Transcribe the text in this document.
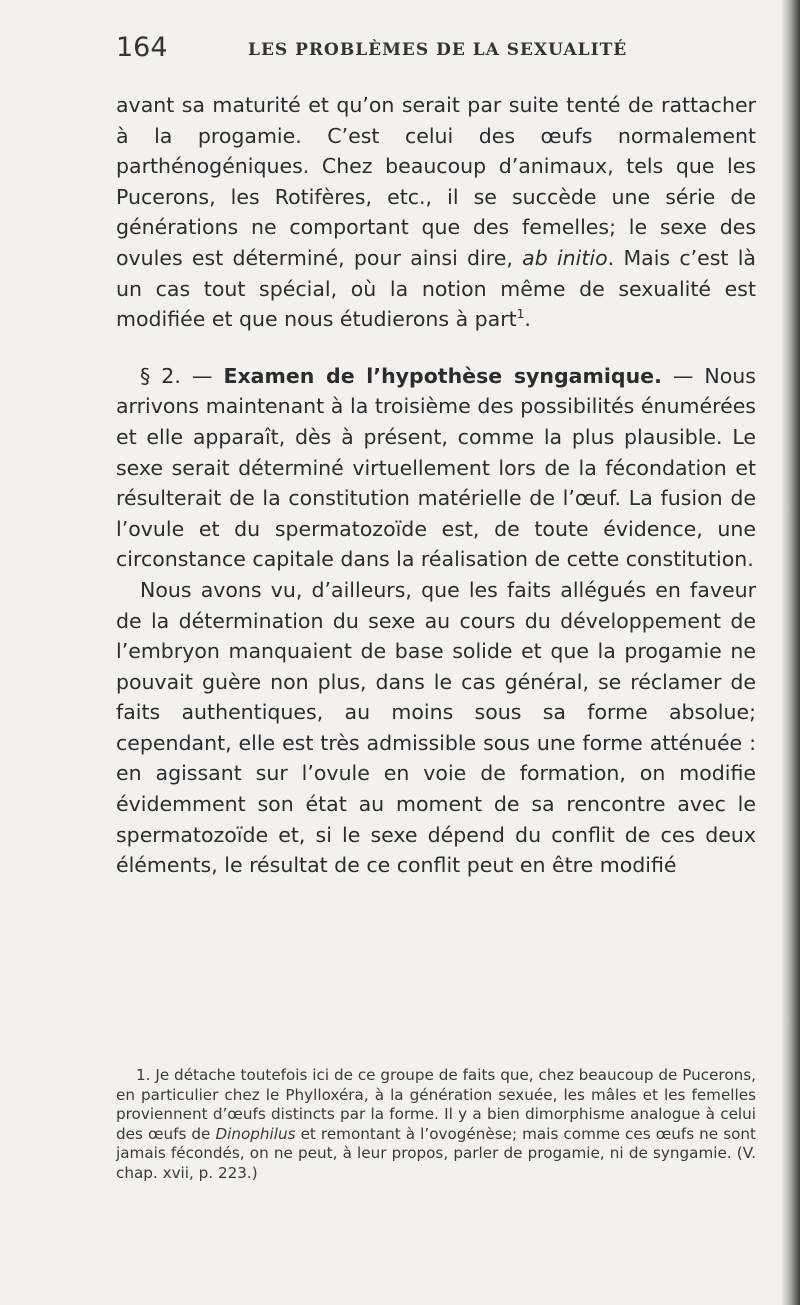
164	LES PROBLÈMES DE LA SEXUALITÉ

avant sa maturité et qu’on serait par suite tenté de rattacher à la progamie. C’est celui des œufs normalement parthénogéniques. Chez beaucoup d’animaux, tels que les Pucerons, les Rotifères, etc., il se succède une série de générations ne comportant que des femelles; le sexe des ovules est déterminé, pour ainsi dire, ab initio. Mais c’est là un cas tout spécial, où la notion même de sexualité est modifiée et que nous étudierons à part$^1$.

§ 2. — Examen de l’hypothèse syngamique. — Nous arrivons maintenant à la troisième des possibilités énumérées et elle apparaît, dès à présent, comme la plus plausible. Le sexe serait déterminé virtuellement lors de la fécondation et résulterait de la constitution matérielle de l’œuf. La fusion de l’ovule et du spermatozoïde est, de toute évidence, une circonstance capitale dans la réalisation de cette constitution.

Nous avons vu, d’ailleurs, que les faits allégués en faveur de la détermination du sexe au cours du développement de l’embryon manquaient de base solide et que la progamie ne pouvait guère non plus, dans le cas général, se réclamer de faits authentiques, au moins sous sa forme absolue; cependant, elle est très admissible sous une forme atténuée : en agissant sur l’ovule en voie de formation, on modifie évidemment son état au moment de sa rencontre avec le spermatozoïde et, si le sexe dépend du conflit de ces deux éléments, le résultat de ce conflit peut en être modifié

1. Je détache toutefois ici de ce groupe de faits que, chez beaucoup de Pucerons, en particulier chez le Phylloxéra, à la génération sexuée, les mâles et les femelles proviennent d’œufs distincts par la forme. Il y a bien dimorphisme analogue à celui des œufs de Dinophilus et remontant à l’ovogénèse; mais comme ces œufs ne sont jamais fécondés, on ne peut, à leur propos, parler de progamie, ni de syngamie. (V. chap. xvii, p. 223.)
